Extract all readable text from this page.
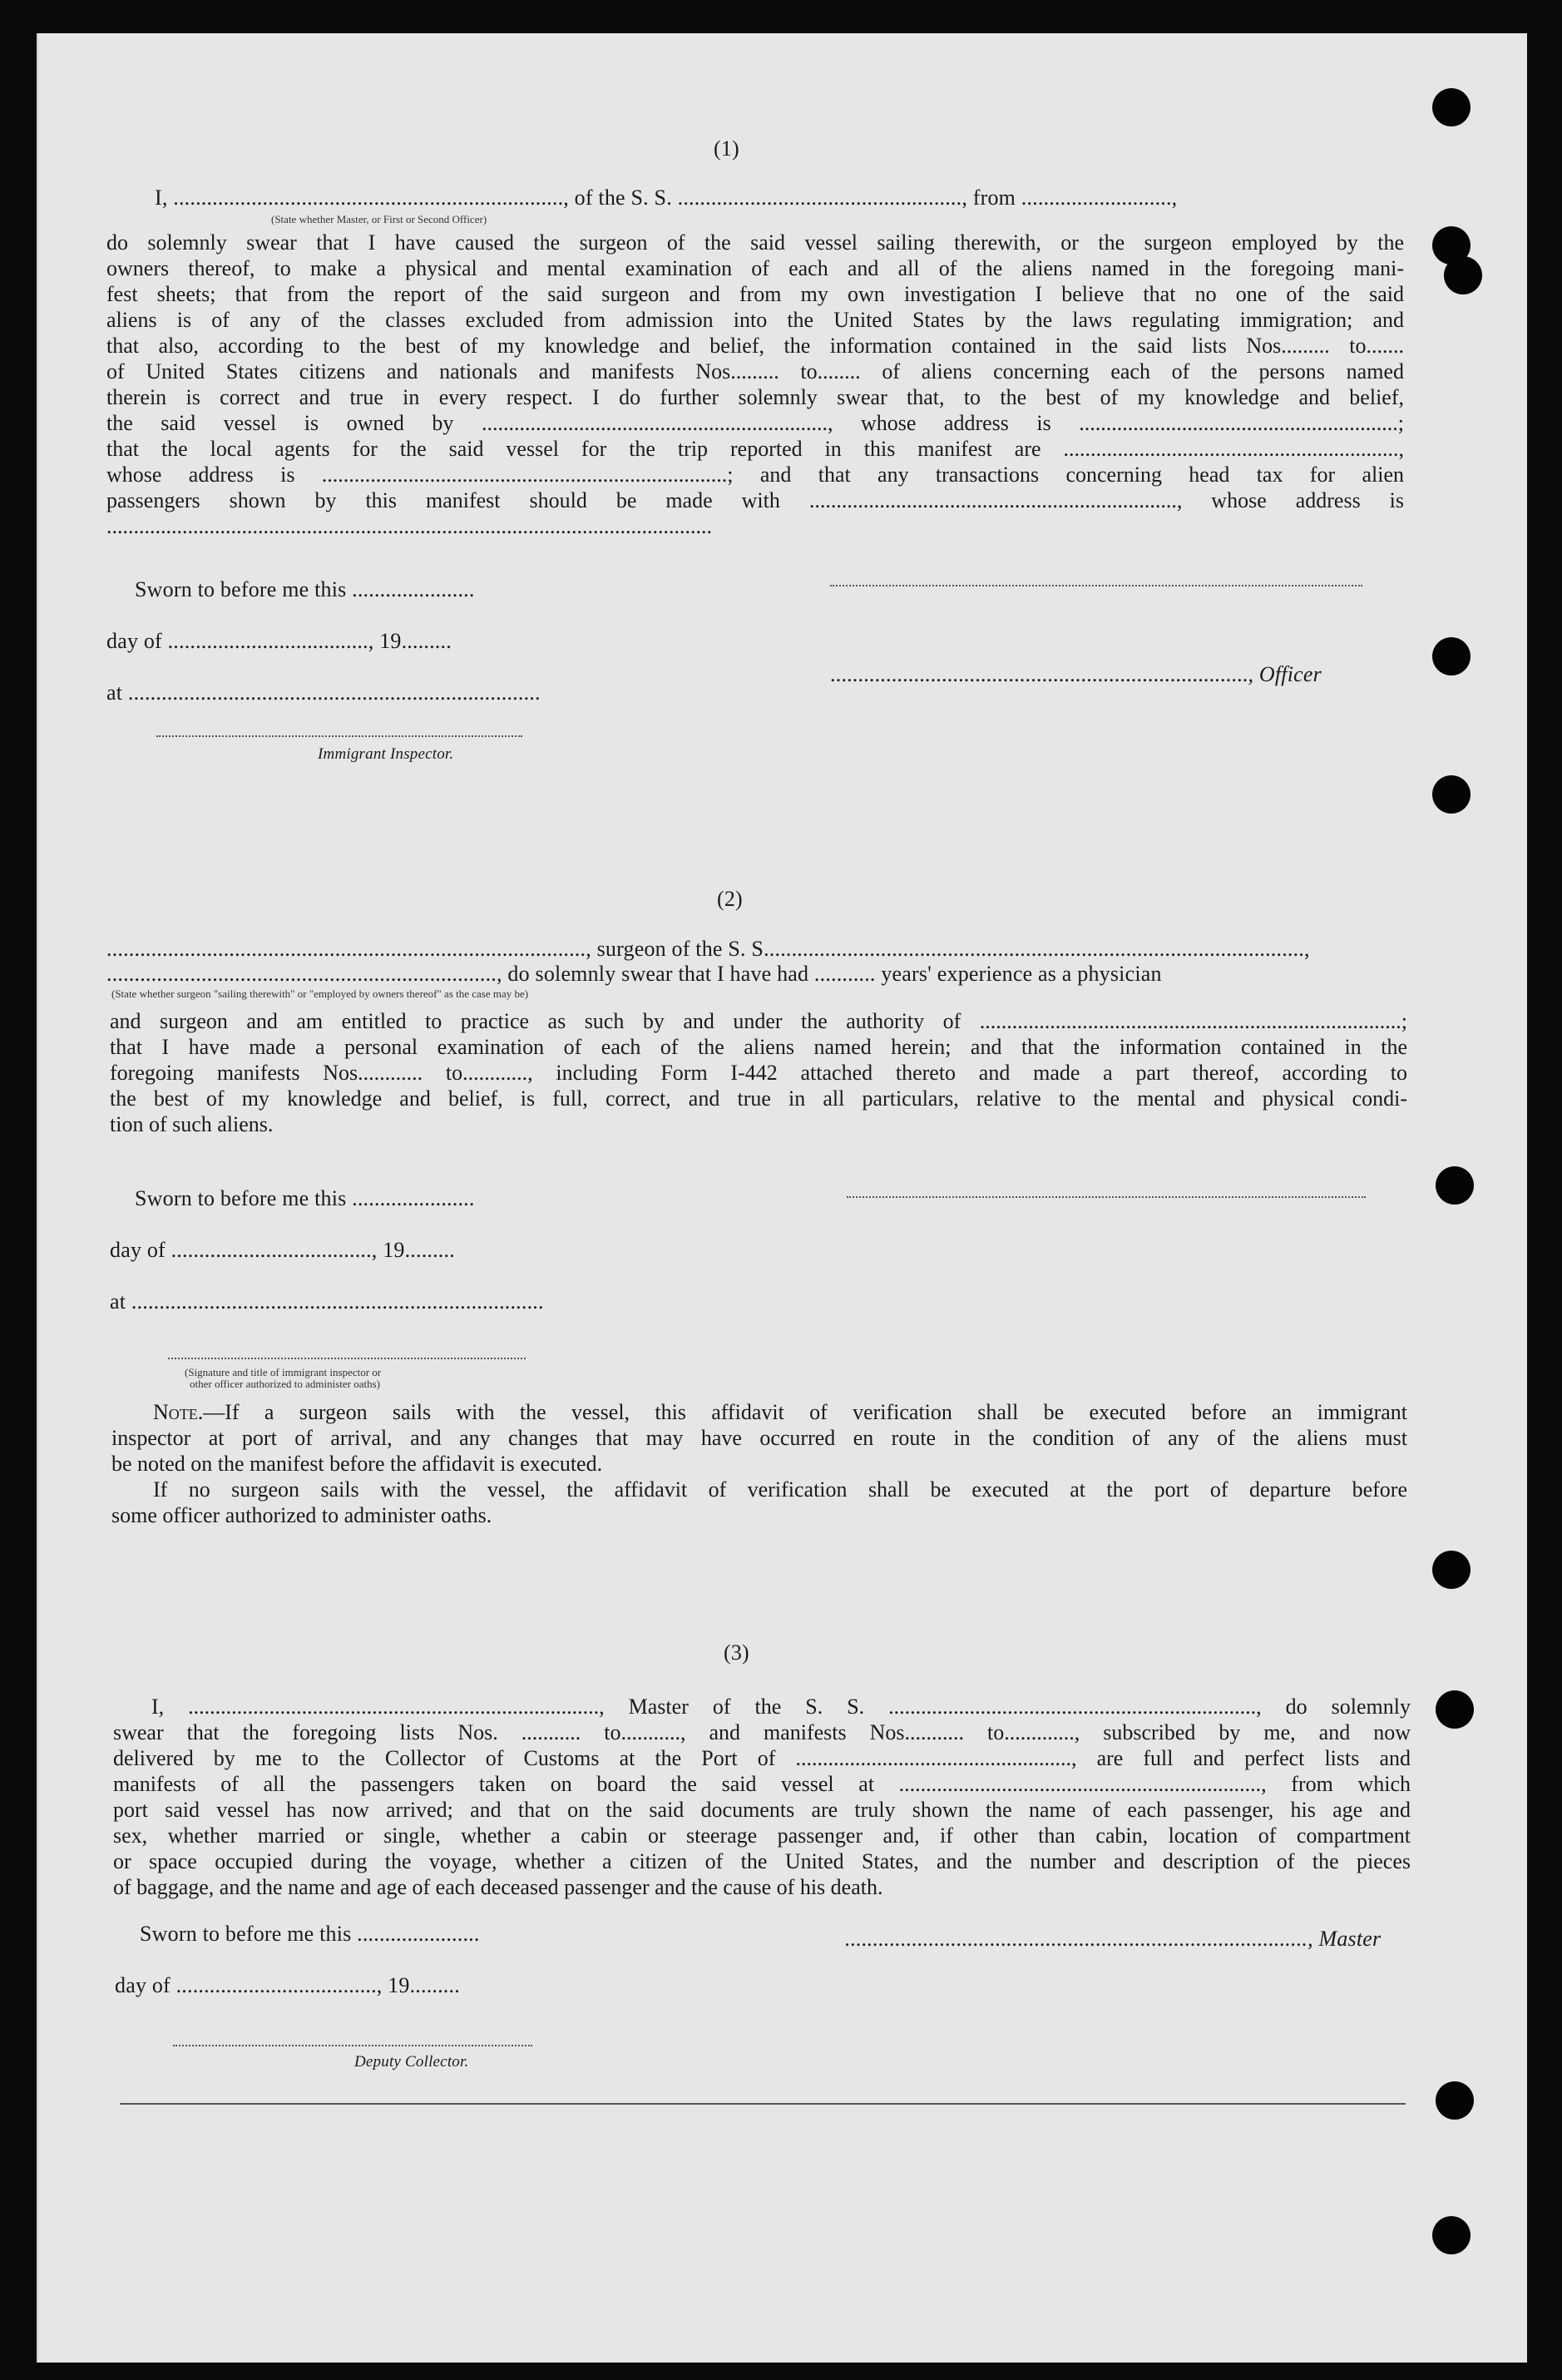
(1)
I, ......................................................................, of the S. S. ..................................................., from ...........................,
(State whether Master, or First or Second Officer)
do solemnly swear that I have caused the surgeon of the said vessel sailing therewith, or the surgeon employed by the
owners thereof, to make a physical and mental examination of each and all of the aliens named in the foregoing mani-
fest sheets; that from the report of the said surgeon and from my own investigation I believe that no one of the said
aliens is of any of the classes excluded from admission into the United States by the laws regulating immigration; and
that also, according to the best of my knowledge and belief, the information contained in the said lists Nos......... to.......
of United States citizens and nationals and manifests Nos......... to........ of aliens concerning each of the persons named
therein is correct and true in every respect. I do further solemnly swear that, to the best of my knowledge and belief,
the said vessel is owned by ................................................................, whose address is ...........................................................;
that the local agents for the said vessel for the trip reported in this manifest are ..............................................................,
whose address is ...........................................................................; and that any transactions concerning head tax for alien
passengers shown by this manifest should be made with ...................................................................., whose address is
................................................................................................................
Sworn to before me this ......................
day of ...................................., 19.........
..........................................................................., Officer
at ..........................................................................
Immigrant Inspector.
(2)
......................................................................................, surgeon of the S. S.................................................................................................,
......................................................................, do solemnly swear that I have had ........... years' experience as a physician
(State whether surgeon "sailing therewith" or "employed by owners thereof" as the case may be)
and surgeon and am entitled to practice as such by and under the authority of ..............................................................................;
that I have made a personal examination of each of the aliens named herein; and that the information contained in the
foregoing manifests Nos............ to............, including Form I-442 attached thereto and made a part thereof, according to
the best of my knowledge and belief, is full, correct, and true in all particulars, relative to the mental and physical condi-
tion of such aliens.
Sworn to before me this ......................
day of ...................................., 19.........
at ..........................................................................
(Signature and title of immigrant inspector or
other officer authorized to administer oaths)
Note.—If a surgeon sails with the vessel, this affidavit of verification shall be executed before an immigrant
inspector at port of arrival, and any changes that may have occurred en route in the condition of any of the aliens must
be noted on the manifest before the affidavit is executed.
If no surgeon sails with the vessel, the affidavit of verification shall be executed at the port of departure before
some officer authorized to administer oaths.
(3)
I, ............................................................................, Master of the S. S. ...................................................................., do solemnly
swear that the foregoing lists Nos. ........... to..........., and manifests Nos........... to............., subscribed by me, and now
delivered by me to the Collector of Customs at the Port of ..................................................., are full and perfect lists and
manifests of all the passengers taken on board the said vessel at ..................................................................., from which
port said vessel has now arrived; and that on the said documents are truly shown the name of each passenger, his age and
sex, whether married or single, whether a cabin or steerage passenger and, if other than cabin, location of compartment
or space occupied during the voyage, whether a citizen of the United States, and the number and description of the pieces
of baggage, and the name and age of each deceased passenger and the cause of his death.
Sworn to before me this ......................	..................................................................................., Master
day of ...................................., 19.........
Deputy Collector.
